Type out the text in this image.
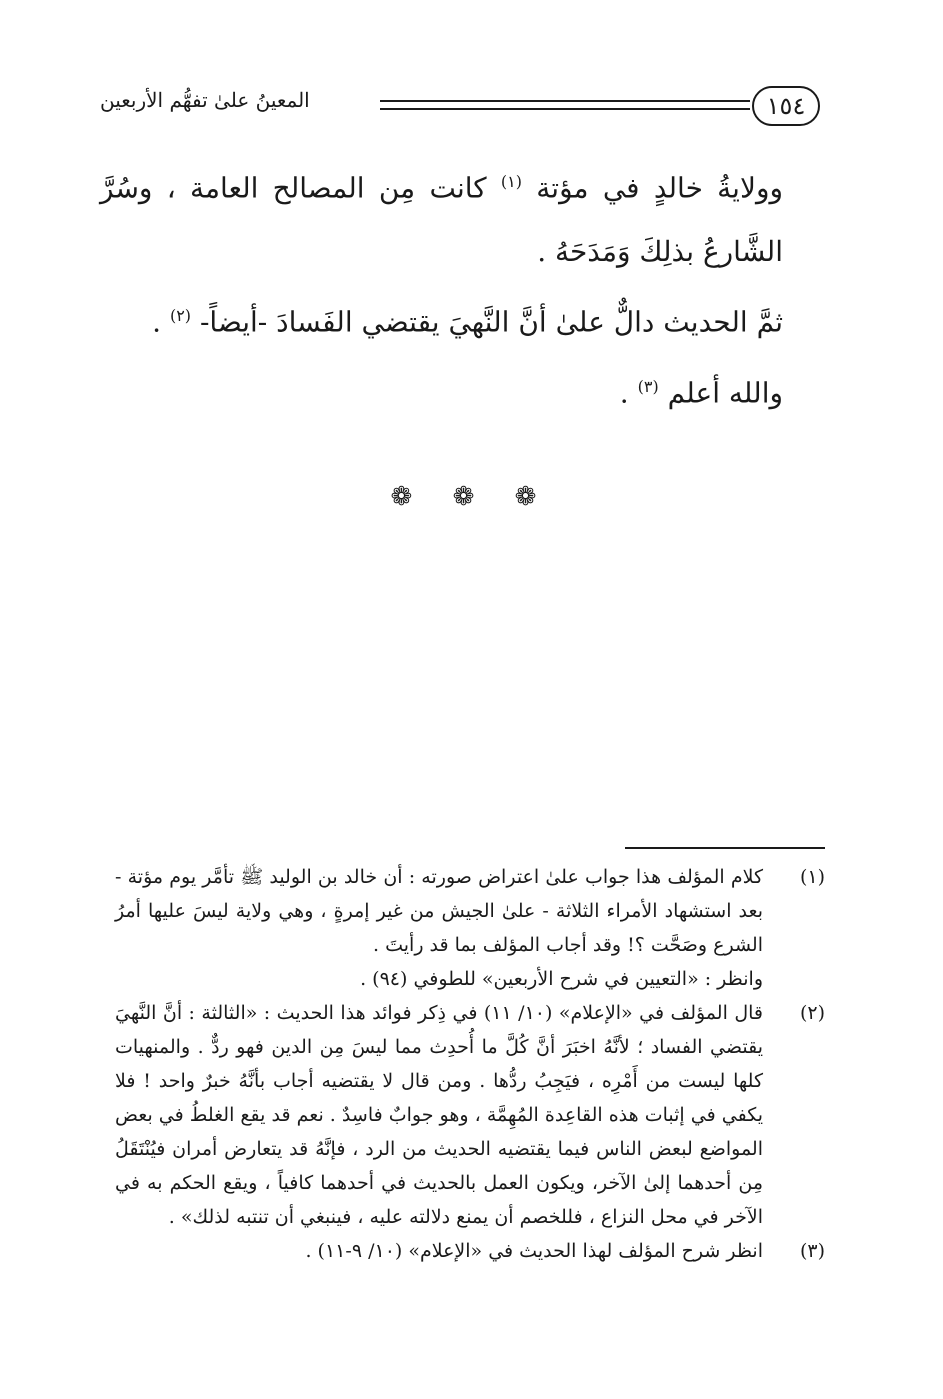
١٥٤
المعينُ علىٰ تفهُّم الأربعين

وولايةُ خالدٍ في مؤتة $^{(١)}$ كانت مِن المصالح العامة ، وسُرَّ الشَّارعُ بذلِكَ وَمَدَحَهُ .

ثمَّ الحديث دالٌّ علىٰ أنَّ النَّهيَ يقتضي الفَسادَ -أيضاً- $^{(٢)}$ .

والله أعلم $^{(٣)}$ .

❁ ❁ ❁
(١)
كلام المؤلف هذا جواب علىٰ اعتراض صورته : أن خالد بن الوليد ﷺ تأمَّر يوم مؤتة - بعد استشهاد الأمراء الثلاثة - علىٰ الجيش من غير إمرةٍ ، وهي ولاية ليسَ عليها أمرُ الشرع وصَحَّت ؟! وقد أجاب المؤلف بما قد رأيتَ .
وانظر : «التعيين في شرح الأربعين» للطوفي (٩٤) .
(٢)
قال المؤلف في «الإعلام» (١٠/ ١١) في ذِكر فوائد هذا الحديث : «الثالثة : أنَّ النَّهيَ يقتضي الفساد ؛ لأنَّهُ اخبَرَ أنَّ كُلَّ ما أُحدِث مما ليسَ مِن الدين فهو ردٌّ . والمنهيات كلها ليست من أَمْرِه ، فيَجِبُ ردُّها . ومن قال لا يقتضيه أجاب بأنَّهُ خبرٌ واحد ! فلا يكفي في إثبات هذه القاعِدة المُهِمَّة ، وهو جوابٌ فاسِدٌ . نعم قد يقع الغلطُ في بعض المواضع لبعض الناس فيما يقتضيه الحديث من الرد ، فإنَّهُ قد يتعارض أمران فيُنْتَقَلُ مِن أحدهما إلىٰ الآخر، ويكون العمل بالحديث في أحدهما كافياً ، ويقع الحكم به في الآخر في محل النزاع ، فللخصم أن يمنع دلالته عليه ، فينبغي أن تنتبه لذلك» .
(٣)
انظر شرح المؤلف لهذا الحديث في «الإعلام» (١٠/ ٩-١١) .
